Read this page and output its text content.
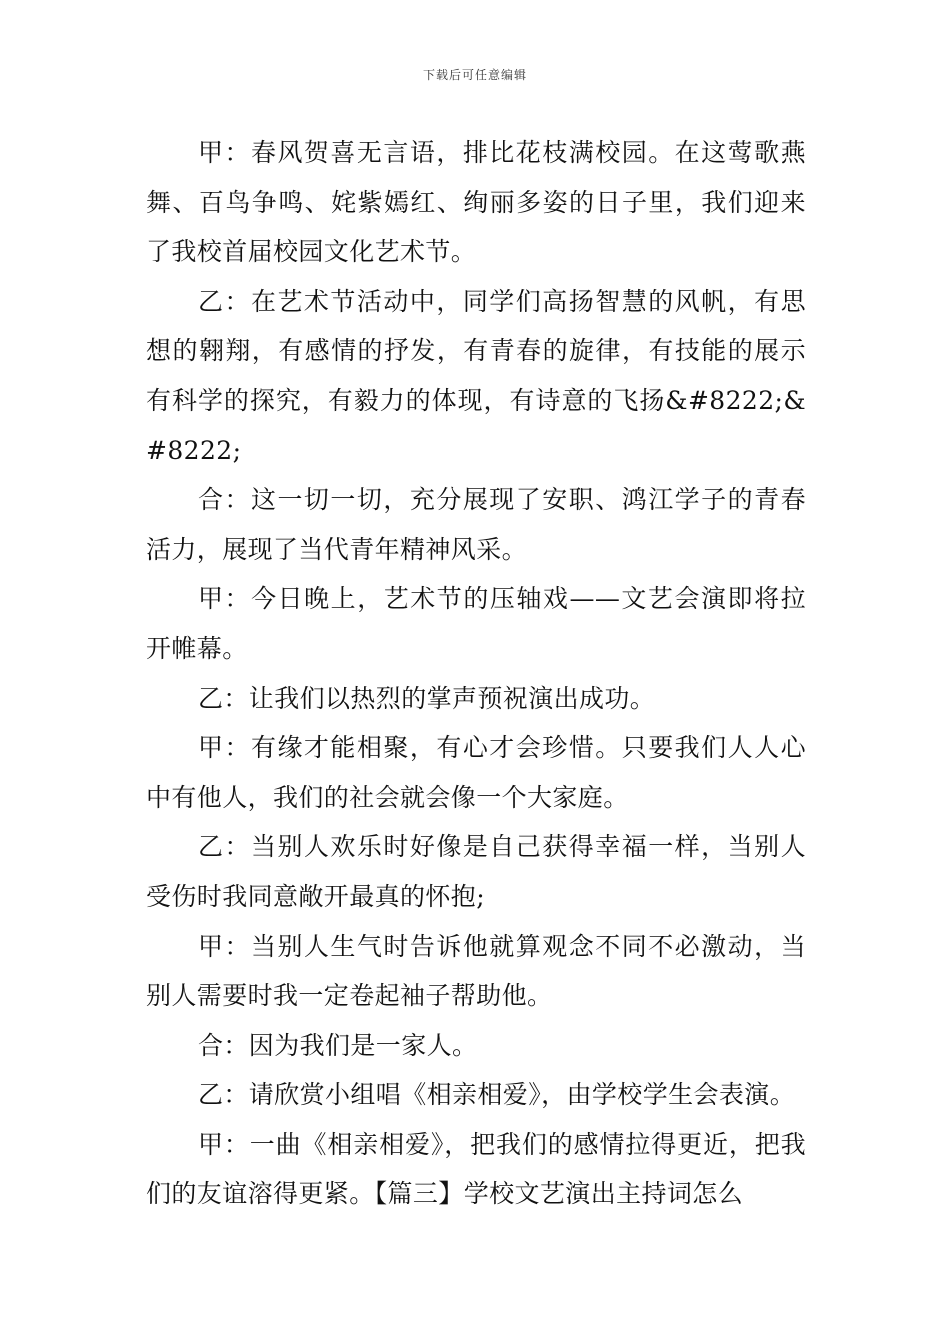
下载后可任意编辑

甲：春风贺喜无言语，排比花枝满校园。在这莺歌燕舞、百鸟争鸣、姹紫嫣红、绚丽多姿的日子里，我们迎来了我校首届校园文化艺术节。

乙：在艺术节活动中，同学们高扬智慧的风帆，有思想的翱翔，有感情的抒发，有青春的旋律，有技能的展示有科学的探究，有毅力的体现，有诗意的飞扬&#8222;&#8222;

合：这一切一切，充分展现了安职、鸿江学子的青春活力，展现了当代青年精神风采。

甲：今日晚上，艺术节的压轴戏——文艺会演即将拉开帷幕。

乙：让我们以热烈的掌声预祝演出成功。

甲：有缘才能相聚，有心才会珍惜。只要我们人人心中有他人，我们的社会就会像一个大家庭。

乙：当别人欢乐时好像是自己获得幸福一样，当别人受伤时我同意敞开最真的怀抱;

甲：当别人生气时告诉他就算观念不同不必激动，当别人需要时我一定卷起袖子帮助他。

合：因为我们是一家人。

乙：请欣赏小组唱《相亲相爱》，由学校学生会表演。

甲：一曲《相亲相爱》，把我们的感情拉得更近，把我们的友谊溶得更紧。【篇三】学校文艺演出主持词怎么
